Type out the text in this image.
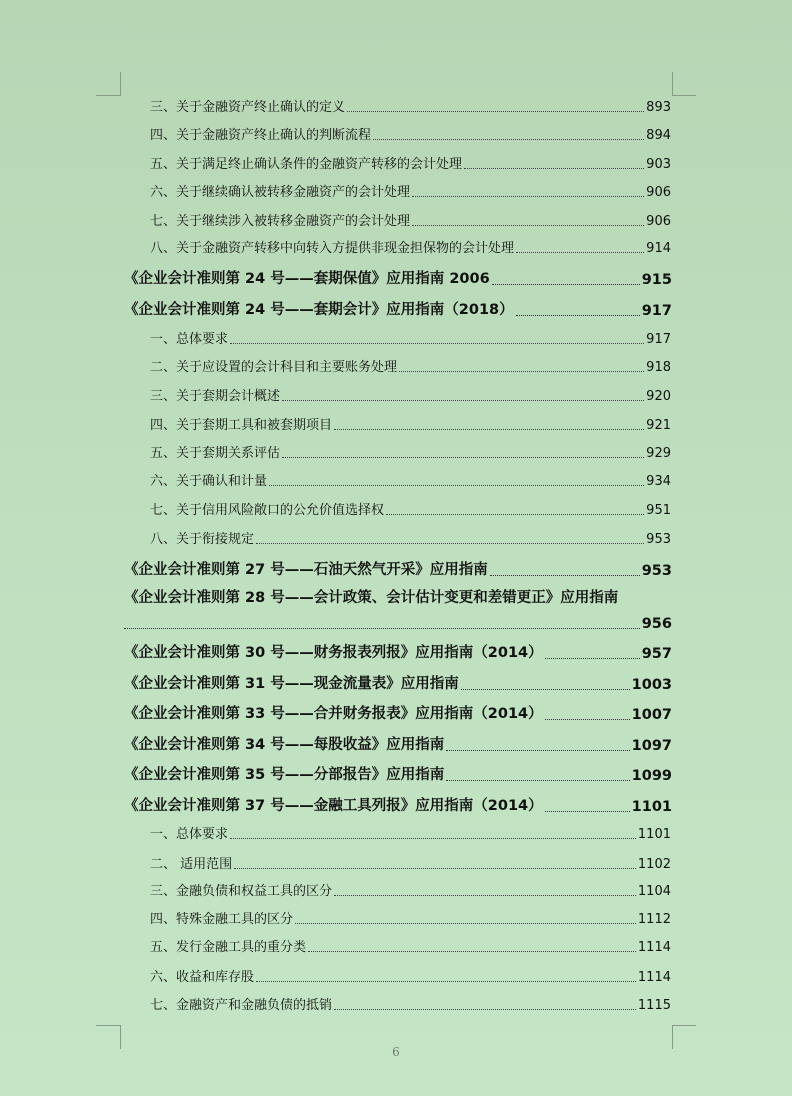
三、关于金融资产终止确认的定义	893
四、关于金融资产终止确认的判断流程	894
五、关于满足终止确认条件的金融资产转移的会计处理	903
六、关于继续确认被转移金融资产的会计处理	906
七、关于继续涉入被转移金融资产的会计处理	906
八、关于金融资产转移中向转入方提供非现金担保物的会计处理	914
《企业会计准则第 24 号——套期保值》应用指南 2006	915
《企业会计准则第 24 号——套期会计》应用指南（2018）	917
一、总体要求	917
二、关于应设置的会计科目和主要账务处理	918
三、关于套期会计概述	920
四、关于套期工具和被套期项目	921
五、关于套期关系评估	929
六、关于确认和计量	934
七、关于信用风险敞口的公允价值选择权	951
八、关于衔接规定	953
《企业会计准则第 27 号——石油天然气开采》应用指南	953
《企业会计准则第 28 号——会计政策、会计估计变更和差错更正》应用指南
956
《企业会计准则第 30 号——财务报表列报》应用指南（2014）	957
《企业会计准则第 31 号——现金流量表》应用指南	1003
《企业会计准则第 33 号——合并财务报表》应用指南（2014）	1007
《企业会计准则第 34 号——每股收益》应用指南	1097
《企业会计准则第 35 号——分部报告》应用指南	1099
《企业会计准则第 37 号——金融工具列报》应用指南（2014）	1101
一、总体要求	1101
二、 适用范围	1102
三、金融负债和权益工具的区分	1104
四、特殊金融工具的区分	1112
五、发行金融工具的重分类	1114
六、收益和库存股	1114
七、金融资产和金融负债的抵销	1115
6
